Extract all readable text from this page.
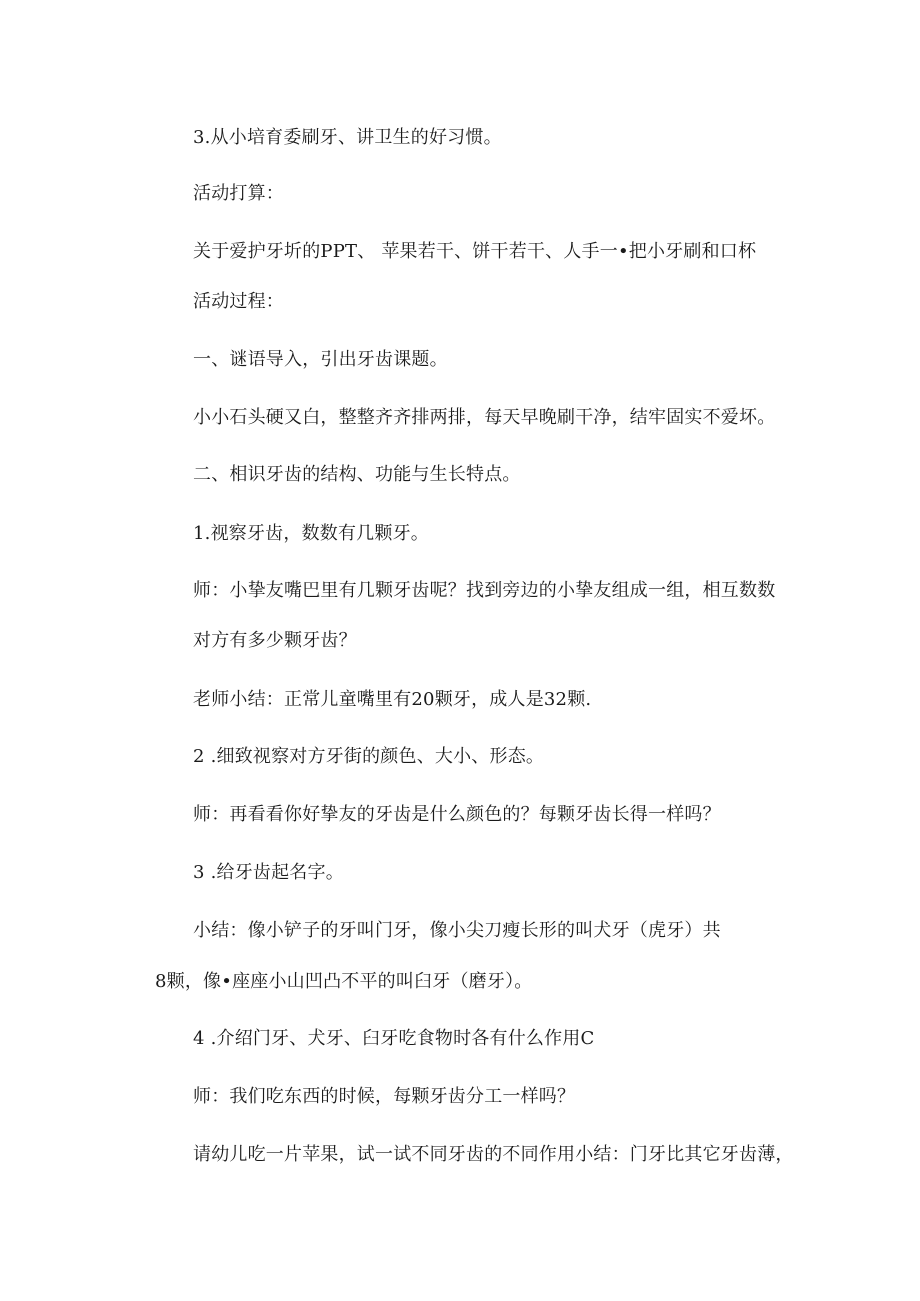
3.从小培育委刷牙、讲卫生的好习惯。
活动打算：
关于爱护牙圻的PPT、 苹果若干、饼干若干、人手一•把小牙刷和口杯
活动过程：
一、谜语导入，引出牙齿课题。
小小石头硬又白，整整齐齐排两排，每天早晚刷干净，结牢固实不爱坏。
二、相识牙齿的结构、功能与生长特点。
1.视察牙齿，数数有几颗牙。
师：小挚友嘴巴里有几颗牙齿呢？找到旁边的小挚友组成一组，相互数数
对方有多少颗牙齿？
老师小结：正常儿童嘴里有20颗牙，成人是32颗.
2 .细致视察对方牙街的颜色、大小、形态。
师：再看看你好挚友的牙齿是什么颜色的？每颗牙齿长得一样吗？
3 .给牙齿起名字。
小结：像小铲子的牙叫门牙，像小尖刀瘦长形的叫犬牙（虎牙）共
8颗，像•座座小山凹凸不平的叫臼牙（磨牙）。
4 .介绍门牙、犬牙、臼牙吃食物时各有什么作用C
师：我们吃东西的时候，每颗牙齿分工一样吗？
请幼儿吃一片苹果，试一试不同牙齿的不同作用小结：门牙比其它牙齿薄，
